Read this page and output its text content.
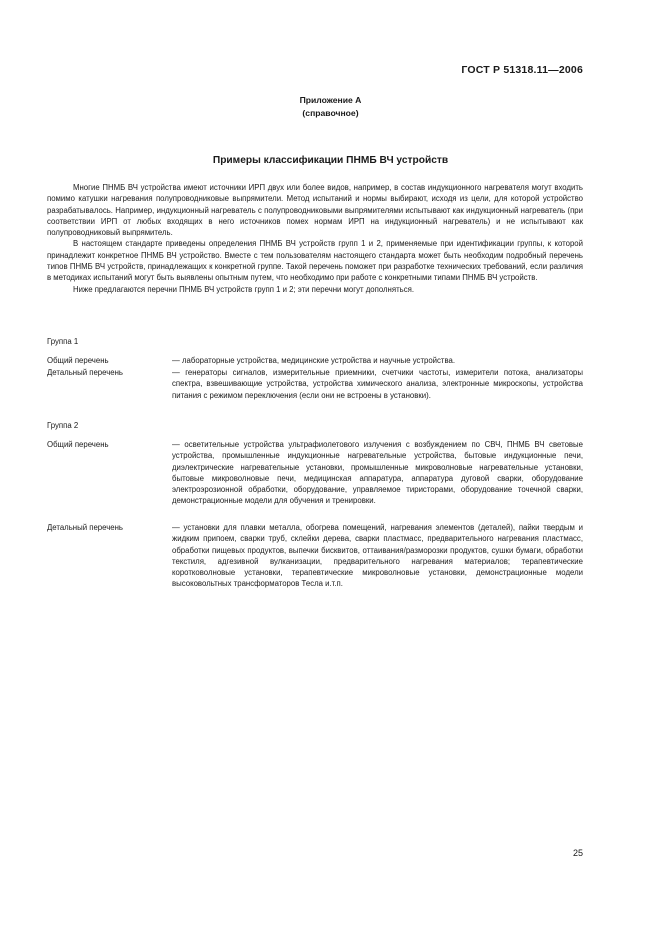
ГОСТ Р 51318.11—2006
Приложение А
(справочное)
Примеры классификации ПНМБ ВЧ устройств

Многие ПНМБ ВЧ устройства имеют источники ИРП двух или более видов, например, в состав индукционного нагревателя могут входить помимо катушки нагревания полупроводниковые выпрямители. Метод испытаний и нормы выбирают, исходя из цели, для которой устройство разрабатывалось. Например, индукционный нагреватель с полупроводниковыми выпрямителями испытывают как индукционный нагреватель (при соответствии ИРП от любых входящих в него источников помех нормам ИРП на индукционный нагреватель) и не испытывают как полупроводниковый выпрямитель.

В настоящем стандарте приведены определения ПНМБ ВЧ устройств групп 1 и 2, применяемые при идентификации группы, к которой принадлежит конкретное ПНМБ ВЧ устройство. Вместе с тем пользователям настоящего стандарта может быть необходим подробный перечень типов ПНМБ ВЧ устройств, принадлежащих к конкретной группе. Такой перечень поможет при разработке технических требований, если различия в методиках испытаний могут быть выявлены опытным путем, что необходимо при работе с конкретными типами ПНМБ ВЧ устройств.

Ниже предлагаются перечни ПНМБ ВЧ устройств групп 1 и 2; эти перечни могут дополняться.

Группа 1
Общий перечень	— лабораторные устройства, медицинские устройства и научные устройства.
Детальный перечень	— генераторы сигналов, измерительные приемники, счетчики частоты, измерители потока, анализаторы спектра, взвешивающие устройства, устройства химического анализа, электронные микроскопы, устройства питания с режимом переключения (если они не встроены в установки).
Группа 2
Общий перечень	— осветительные устройства ультрафиолетового излучения с возбуждением по СВЧ, ПНМБ ВЧ световые устройства, промышленные индукционные нагревательные устройства, бытовые индукционные печи, диэлектрические нагревательные установки, промышленные микроволновые нагревательные установки, бытовые микроволновые печи, медицинская аппаратура, аппаратура дуговой сварки, оборудование электроэрозионной обработки, оборудование, управляемое тиристорами, оборудование точечной сварки, демонстрационные модели для обучения и тренировки.
Детальный перечень	— установки для плавки металла, обогрева помещений, нагревания элементов (деталей), пайки твердым и жидким припоем, сварки труб, склейки дерева, сварки пластмасс, предварительного нагревания пластмасс, обработки пищевых продуктов, выпечки бисквитов, оттаивания/разморозки продуктов, сушки бумаги, обработки текстиля, адгезивной вулканизации, предварительного нагревания материалов; терапевтические коротковолновые установки, терапевтические микроволновые установки, демонстрационные модели высоковольтных трансформаторов Тесла и.т.п.
25
